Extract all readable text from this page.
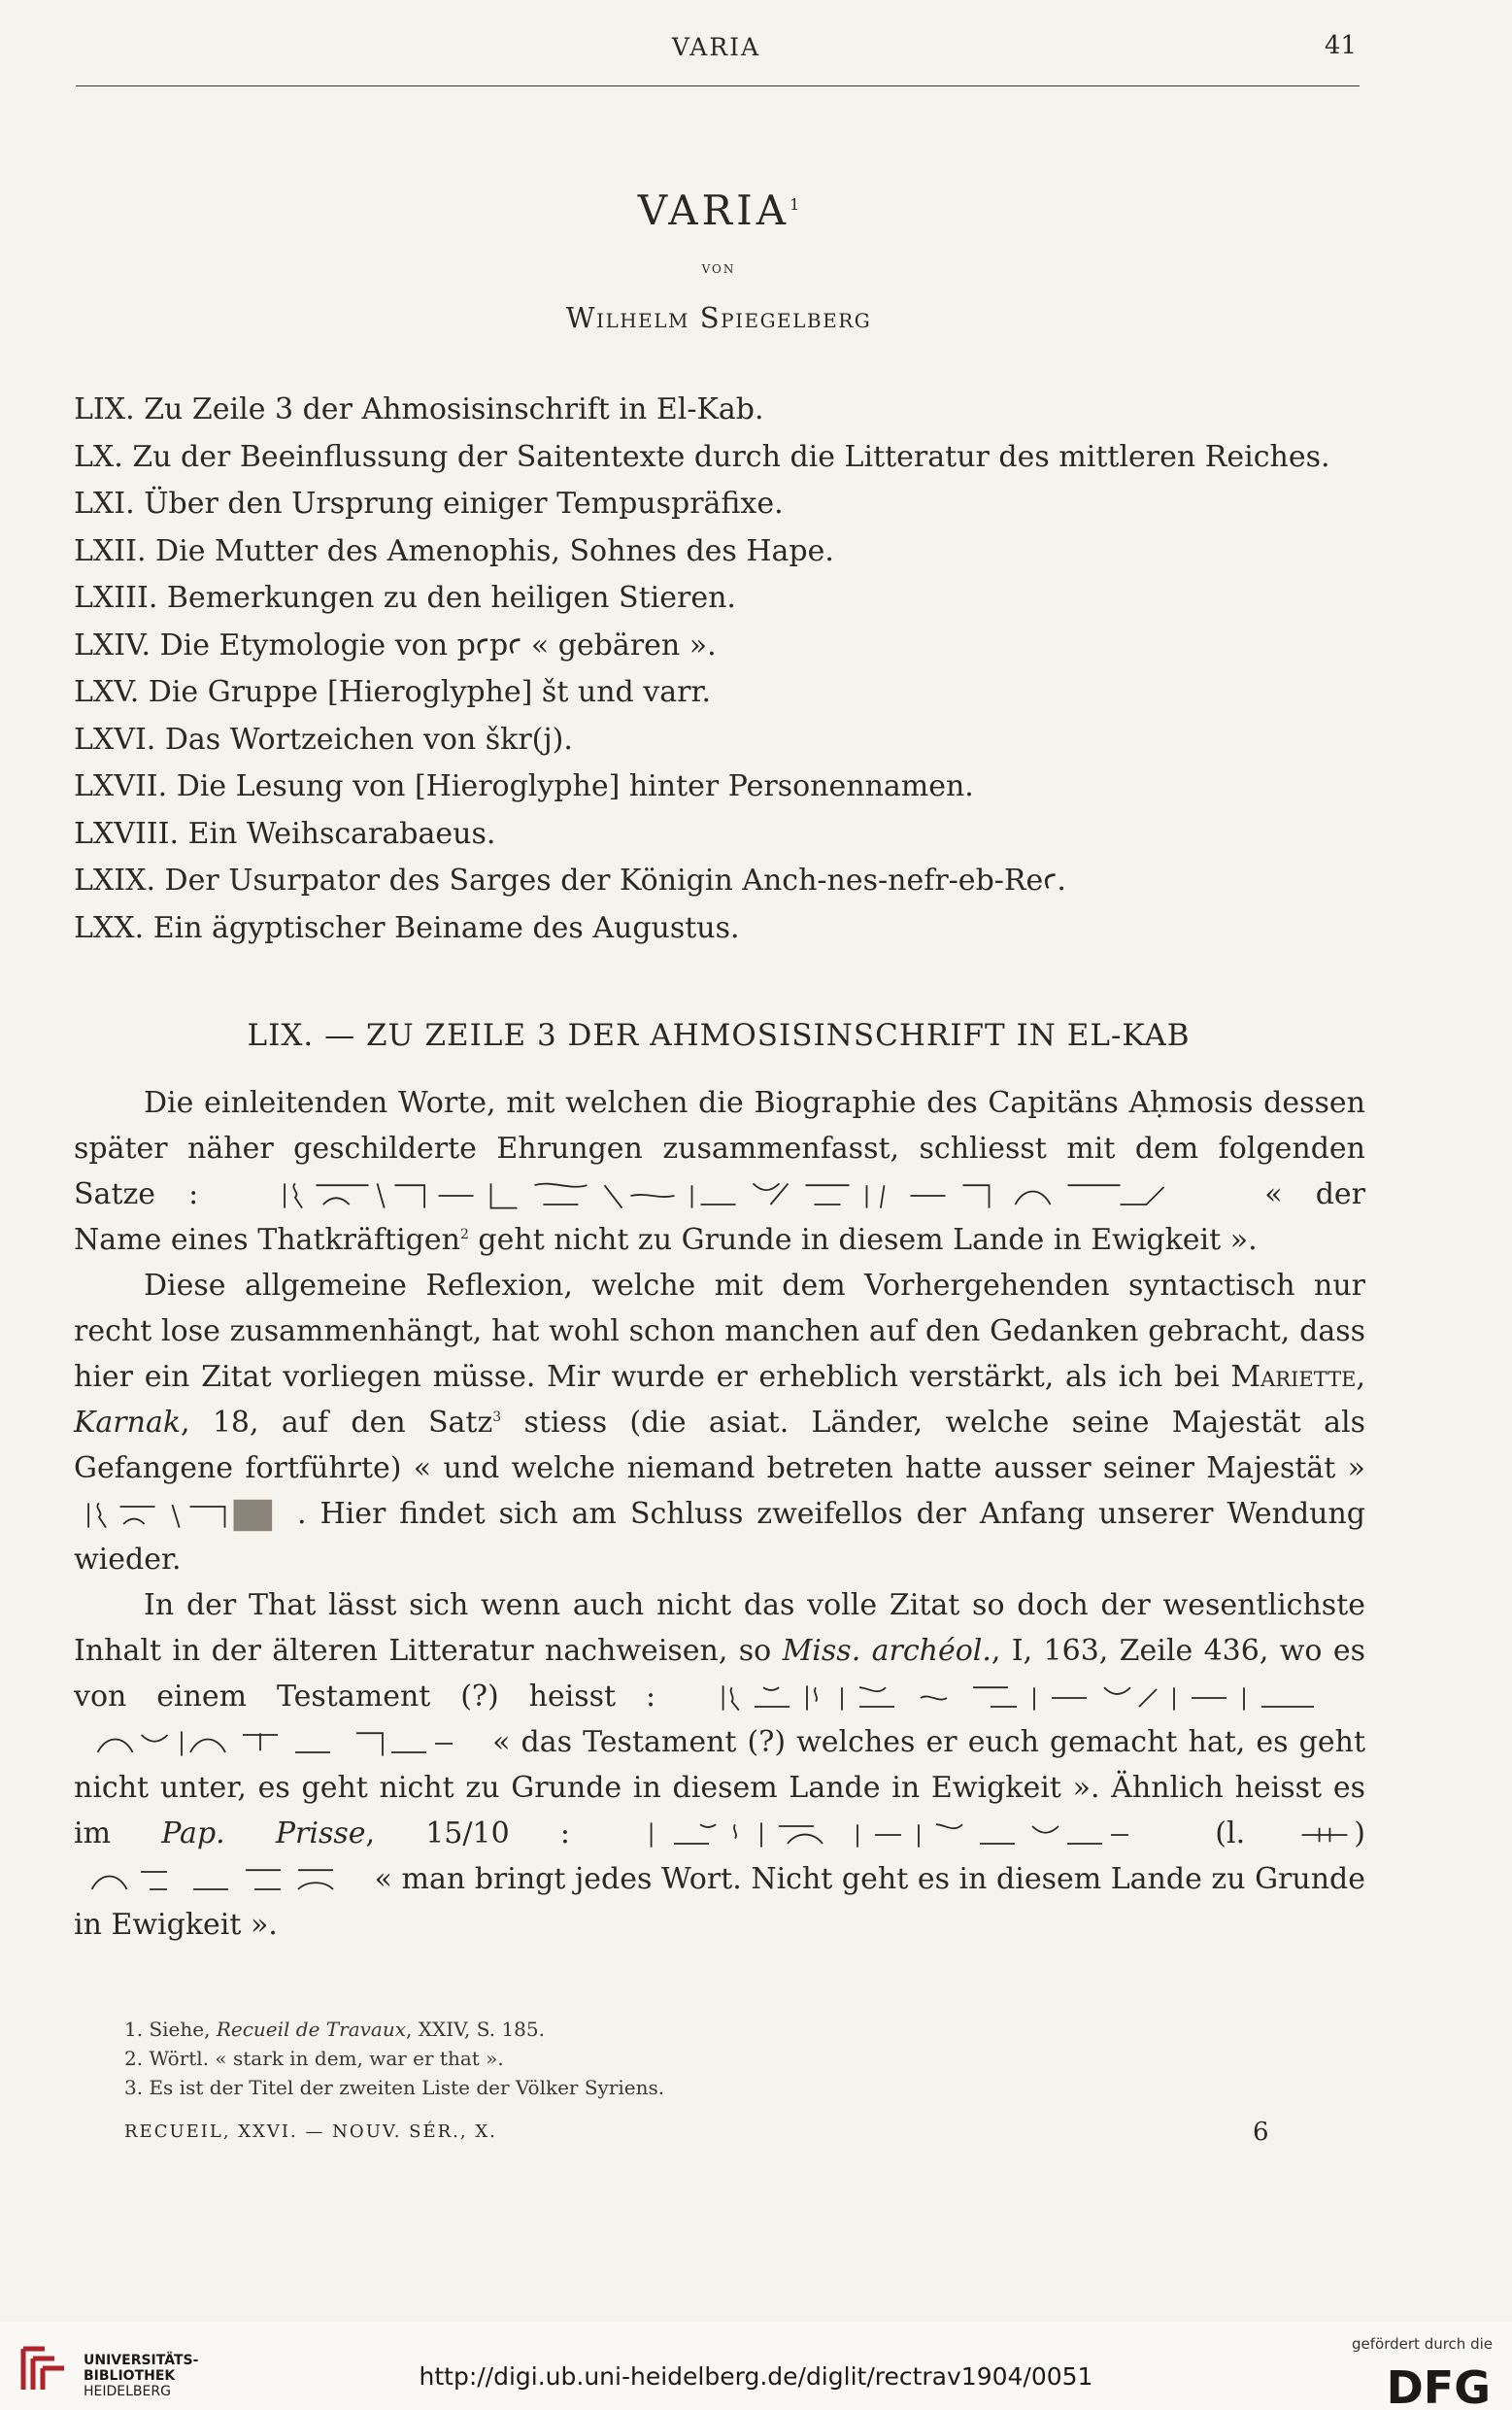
VARIA	41
VARIA$^1$
von
Wilhelm Spiegelberg
LIX. Zu Zeile 3 der Ahmosisinschrift in El-Kab.
LX. Zu der Beeinflussung der Saitentexte durch die Litteratur des mittleren Reiches.
LXI. Über den Ursprung einiger Tempuspräfixe.
LXII. Die Mutter des Amenophis, Sohnes des Hape.
LXIII. Bemerkungen zu den heiligen Stieren.
LXIV. Die Etymologie von pꜥpꜥ « gebären ».
LXV. Die Gruppe [Hieroglyphe] št und varr.
LXVI. Das Wortzeichen von škr(j).
LXVII. Die Lesung von [Hieroglyphe] hinter Personennamen.
LXVIII. Ein Weihscarabaeus.
LXIX. Der Usurpator des Sarges der Königin Anch-nes-nefr-eb-Reꜥ.
LXX. Ein ägyptischer Beiname des Augustus.
LIX. — ZU ZEILE 3 DER AHMOSISINSCHRIFT IN EL-KAB

Die einleitenden Worte, mit welchen die Biographie des Capitäns Aḥmosis dessen später näher geschilderte Ehrungen zusammenfasst, schliesst mit dem folgenden Satze :	« der Name eines Thatkräftigen$^2$ geht nicht zu Grunde in diesem Lande in Ewigkeit ».

Diese allgemeine Reflexion, welche mit dem Vorhergehenden syntactisch nur recht lose zusammenhängt, hat wohl schon manchen auf den Gedanken gebracht, dass hier ein Zitat vorliegen müsse. Mir wurde er erheblich verstärkt, als ich bei Mariette, Karnak, 18, auf den Satz$^3$ stiess (die asiat. Länder, welche seine Majestät als Gefangene fortführte) « und welche niemand betreten hatte ausser seiner Majestät »
. Hier findet sich am Schluss zweifellos der Anfang unserer Wendung wieder.

In der That lässt sich wenn auch nicht das volle Zitat so doch der wesentlichste Inhalt in der älteren Litteratur nachweisen, so Miss. archéol., I, 163, Zeile 436, wo es von einem Testament (?) heisst :

« das Testament (?) welches er euch gemacht hat, es geht nicht unter, es geht nicht zu Grunde in diesem Lande in Ewigkeit ». Ähnlich heisst es im Pap. Prisse, 15/10 :	(l.	)
« man bringt jedes Wort. Nicht geht es in diesem Lande zu Grunde in Ewigkeit ».

1. Siehe, Recueil de Travaux, XXIV, S. 185.
2. Wörtl. « stark in dem, war er that ».
3. Es ist der Titel der zweiten Liste der Völker Syriens.
RECUEIL, XXVI. — NOUV. SÉR., X.	6
UNIVERSITÄTS-
BIBLIOTHEK
HEIDELBERG
http://digi.ub.uni-heidelberg.de/diglit/rectrav1904/0051
gefördert durch die
DFG
